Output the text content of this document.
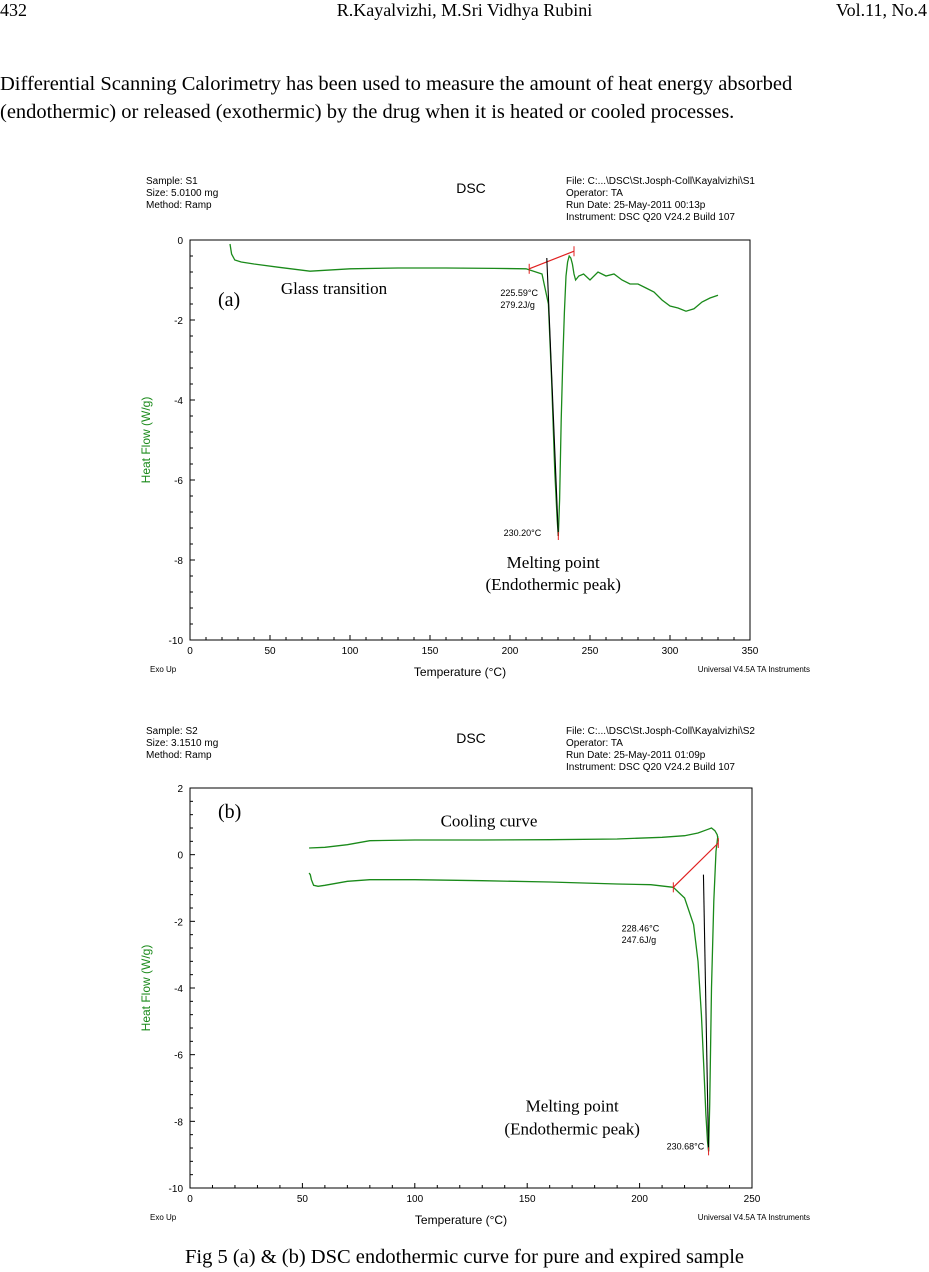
432	R.Kayalvizhi, M.Sri Vidhya Rubini	Vol.11, No.4

Differential Scanning Calorimetry has been used to measure the amount of heat energy absorbed

(endothermic) or released (exothermic) by the drug when it is heated or cooled processes.

Sample: S1
Size: 5.0100 mg
Method: Ramp
File: C:...\DSC\St.Josph-Coll\Kayalvizhi\S1
Operator: TA
Run Date: 25-May-2011 00:13p
Instrument: DSC Q20 V24.2 Build 107
DSC
0	50	100	150	200	250	300	350
0
-2
-4
-6
-8
-10
Heat Flow (W/g)
Temperature (°C)
Exo Up	Universal V4.5A TA Instruments
(a)	225.59°C
279.2J/g
230.20°C
Glass transition
Melting point
(Endothermic peak)
Sample: S2
Size: 3.1510 mg
Method: Ramp
File: C:...\DSC\St.Josph-Coll\Kayalvizhi\S2
Operator: TA
Run Date: 25-May-2011 01:09p
Instrument: DSC Q20 V24.2 Build 107
DSC
0	50	100	150	200	250
2
0
-2
-4
-6
-8
-10
Heat Flow (W/g)
Temperature (°C)
Exo Up	Universal V4.5A TA Instruments
(b)
228.46°C
247.6J/g
230.68°C
Cooling curve
Melting point
(Endothermic peak)
Fig 5 (a) & (b) DSC endothermic curve for pure and expired sample
